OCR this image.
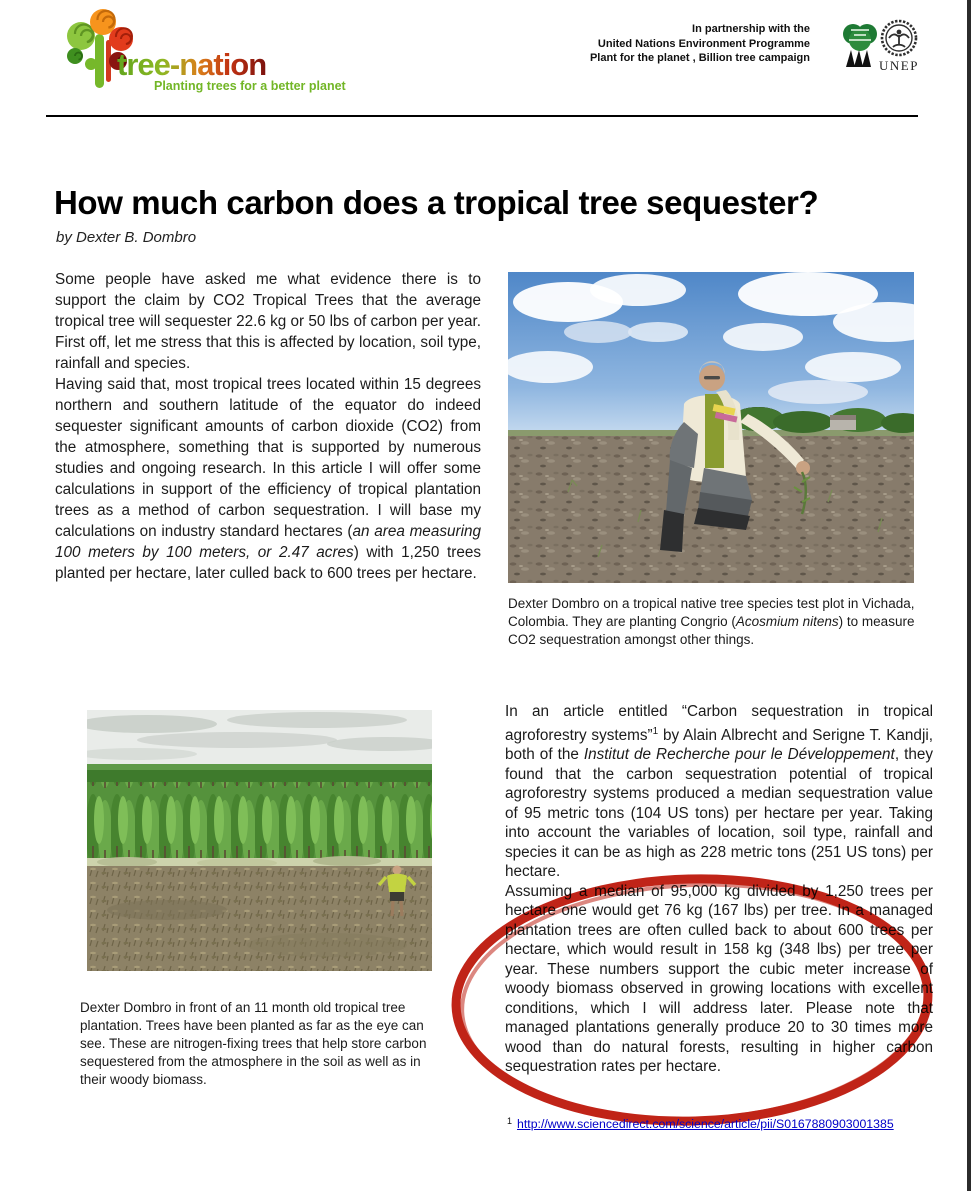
tree-nation
Planting trees for a better planet
In partnership with the
United Nations Environment Programme
Plant for the planet , Billion tree campaign	UNEP
How much carbon does a tropical tree sequester?
by Dexter B. Dombro

Some people have asked me what evidence there is to support the claim by CO2 Tropical Trees that the average tropical tree will sequester 22.6 kg or 50 lbs of carbon per year. First off, let me stress that this is affected by location, soil type, rainfall and species.

Having said that, most tropical trees located within 15 degrees northern and southern latitude of the equator do indeed sequester significant amounts of carbon dioxide (CO2) from the atmosphere, something that is supported by numerous studies and ongoing research. In this article I will offer some calculations in support of the efficiency of tropical plantation trees as a method of carbon sequestration. I will base my calculations on industry standard hectares (an area measuring 100 meters by 100 meters, or 2.47 acres) with 1,250 trees planted per hectare, later culled back to 600 trees per hectare.

Dexter Dombro on a tropical native tree species test plot in Vichada, Colombia. They are planting Congrio (Acosmium nitens) to measure CO2 sequestration amongst other things.
Dexter Dombro in front of an 11 month old tropical tree plantation. Trees have been planted as far as the eye can see. These are nitrogen-fixing trees that help store carbon sequestered from the atmosphere in the soil as well as in their woody biomass.

In an article entitled “Carbon sequestration in tropical agroforestry systems”$^1$ by Alain Albrecht and Serigne T. Kandji, both of the Institut de Recherche pour le Développement, they found that the carbon sequestration potential of tropical agroforestry systems produced a median sequestration value of 95 metric tons (104 US tons) per hectare per year. Taking into account the variables of location, soil type, rainfall and species it can be as high as 228 metric tons (251 US tons) per hectare.

Assuming a median of 95,000 kg divided by 1,250 trees per hectare one would get 76 kg (167 lbs) per tree. In a managed plantation trees are often culled back to about 600 trees per hectare, which would result in 158 kg (348 lbs) per tree per year. These numbers support the cubic meter increase of woody biomass observed in growing locations with excellent conditions, which I will address later. Please note that managed plantations generally produce 20 to 30 times more wood than do natural forests, resulting in higher carbon sequestration rates per hectare.

$^1$ http://www.sciencedirect.com/science/article/pii/S0167880903001385
